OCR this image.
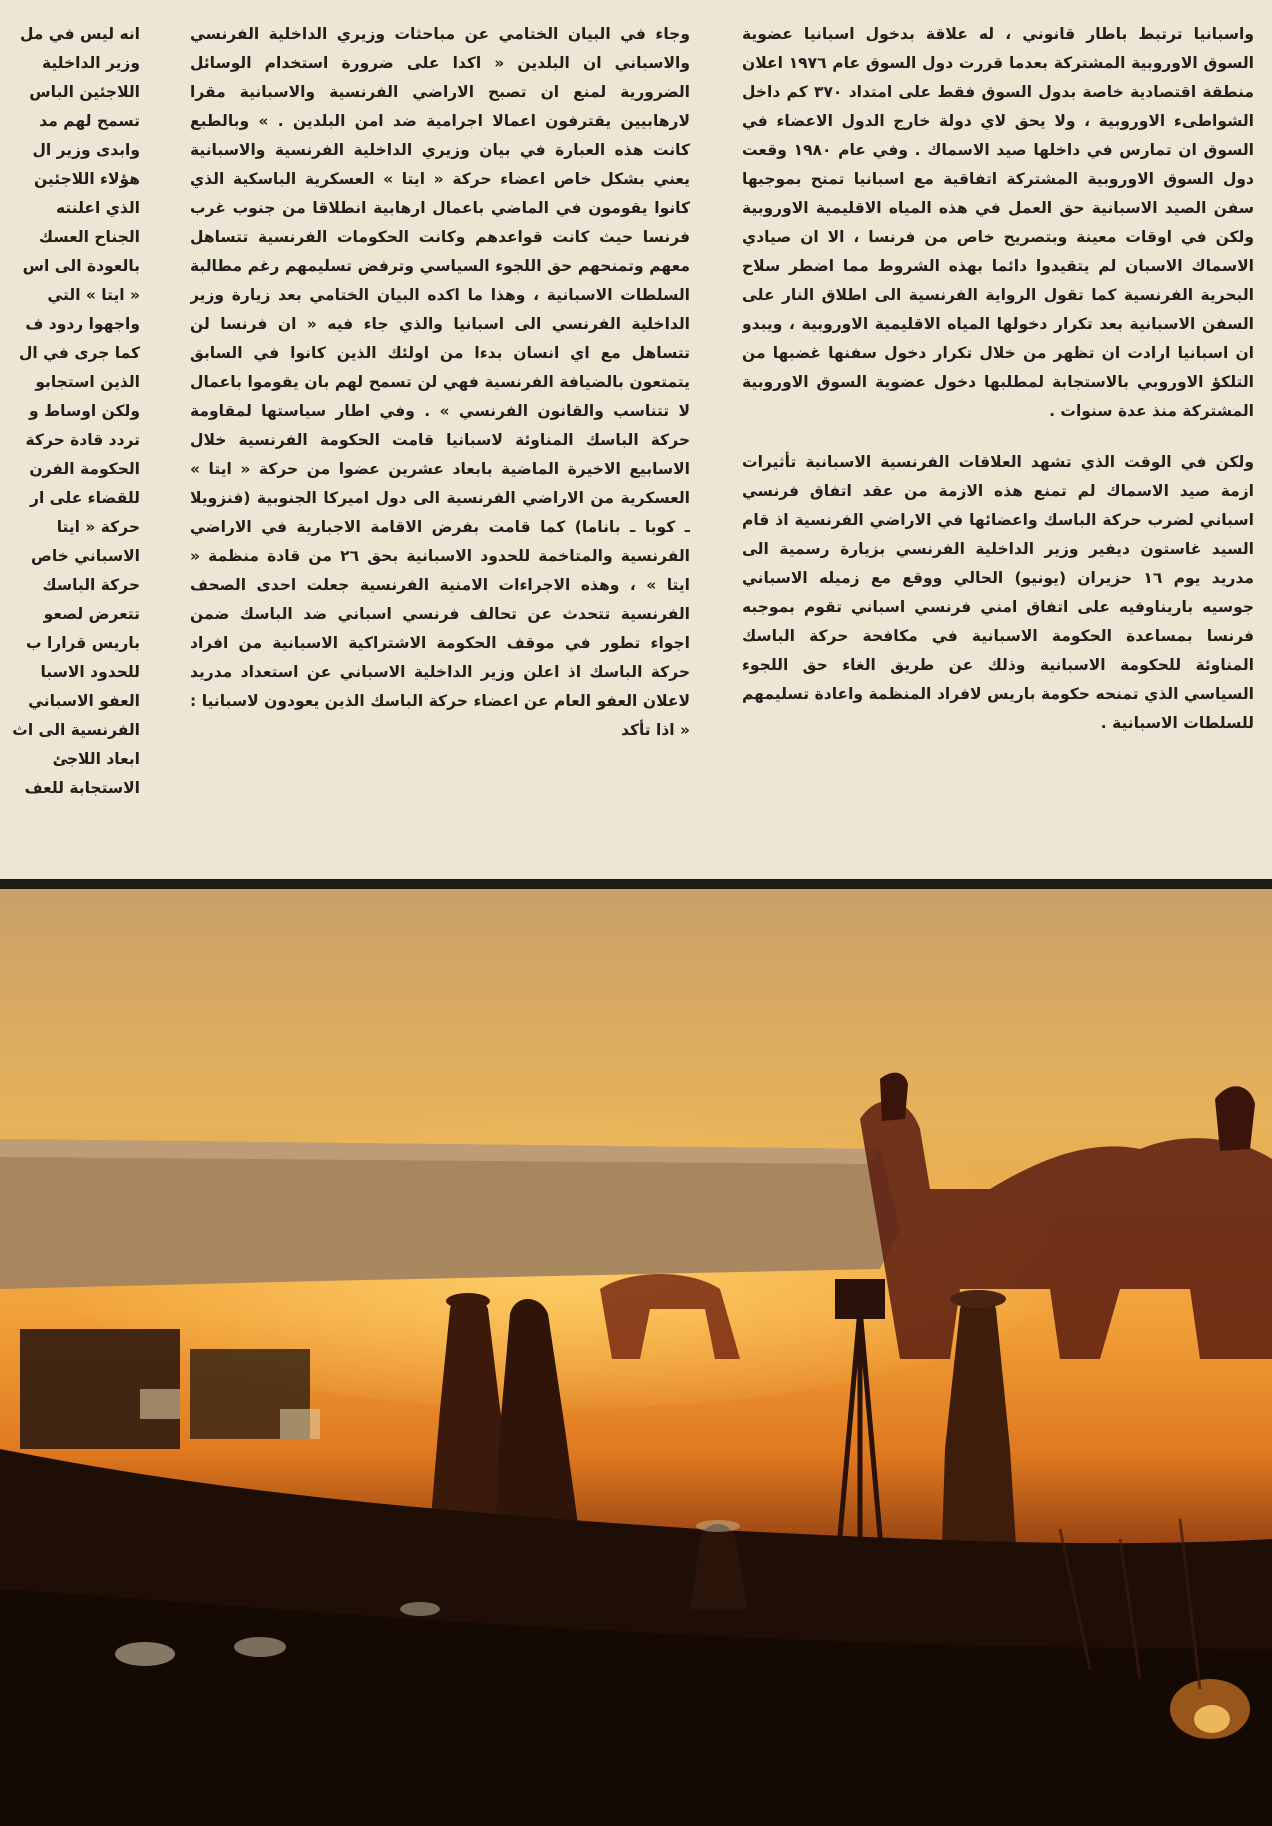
واسبانيا ترتبط باطار قانوني ، له علاقة بدخول اسبانيا عضوية السوق الاوروبية المشتركة بعدما قررت دول السوق عام ١٩٧٦ اعلان منطقة اقتصادية خاصة بدول السوق فقط على امتداد ٣٧٠ كم داخل الشواطىء الاوروبية ، ولا يحق لاي دولة خارج الدول الاعضاء في السوق ان تمارس في داخلها صيد الاسماك . وفي عام ١٩٨٠ وقعت دول السوق الاوروبية المشتركة اتفاقية مع اسبانيا تمنح بموجبها سفن الصيد الاسبانية حق العمل في هذه المياه الاقليمية الاوروبية ولكن في اوقات معينة وبتصريح خاص من فرنسا ، الا ان صيادي الاسماك الاسبان لم يتقيدوا دائما بهذه الشروط مما اضطر سلاح البحرية الفرنسية كما تقول الرواية الفرنسية الى اطلاق النار على السفن الاسبانية بعد تكرار دخولها المياه الاقليمية الاوروبية ، ويبدو ان اسبانيا ارادت ان تظهر من خلال تكرار دخول سفنها غضبها من التلكؤ الاوروبي بالاستجابة لمطلبها دخول عضوية السوق الاوروبية المشتركة منذ عدة سنوات .

ولكن في الوقت الذي تشهد العلاقات الفرنسية الاسبانية تأثيرات ازمة صيد الاسماك لم تمنع هذه الازمة من عقد اتفاق فرنسي اسباني لضرب حركة الباسك واعضائها في الاراضي الفرنسية اذ قام السيد غاستون ديفير وزير الداخلية الفرنسي بزيارة رسمية الى مدريد يوم ١٦ حزيران (يونيو) الحالي ووقع مع زميله الاسباني جوسيه باريناوفيه على اتفاق امني فرنسي اسباني تقوم بموجبه فرنسا بمساعدة الحكومة الاسبانية في مكافحة حركة الباسك المناوئة للحكومة الاسبانية وذلك عن طريق الغاء حق اللجوء السياسي الذي تمنحه حكومة باريس لافراد المنظمة واعادة تسليمهم للسلطات الاسبانية .

وجاء في البيان الختامي عن مباحثات وزيري الداخلية الفرنسي والاسباني ان البلدين « اكدا على ضرورة استخدام الوسائل الضرورية لمنع ان تصبح الاراضي الفرنسية والاسبانية مقرا لارهابيين يقترفون اعمالا اجرامية ضد امن البلدين . » وبالطبع كانت هذه العبارة في بيان وزيري الداخلية الفرنسية والاسبانية يعني بشكل خاص اعضاء حركة « ايتا » العسكرية الباسكية الذي كانوا يقومون في الماضي باعمال ارهابية انطلاقا من جنوب غرب فرنسا حيث كانت قواعدهم وكانت الحكومات الفرنسية تتساهل معهم وتمنحهم حق اللجوء السياسي وترفض تسليمهم رغم مطالبة السلطات الاسبانية ، وهذا ما اكده البيان الختامي بعد زيارة وزير الداخلية الفرنسي الى اسبانيا والذي جاء فيه « ان فرنسا لن تتساهل مع اي انسان بدءا من اولئك الذين كانوا في السابق يتمتعون بالضيافة الفرنسية فهي لن تسمح لهم بان يقوموا باعمال لا تتناسب والقانون الفرنسي » . وفي اطار سياستها لمقاومة حركة الباسك المناوئة لاسبانيا قامت الحكومة الفرنسية خلال الاسابيع الاخيرة الماضية بابعاد عشرين عضوا من حركة « ايتا » العسكرية من الاراضي الفرنسية الى دول اميركا الجنوبية (فنزويلا ـ كوبا ـ باناما) كما قامت بفرض الاقامة الاجبارية في الاراضي الفرنسية والمتاخمة للحدود الاسبانية بحق ٢٦ من قادة منظمة « ايتا » ، وهذه الاجراءات الامنية الفرنسية جعلت احدى الصحف الفرنسية تتحدث عن تحالف فرنسي اسباني ضد الباسك ضمن اجواء تطور في موقف الحكومة الاشتراكية الاسبانية من افراد حركة الباسك اذ اعلن وزير الداخلية الاسباني عن استعداد مدريد لاعلان العفو العام عن اعضاء حركة الباسك الذين يعودون لاسبانيا : « اذا تأكد

انه ليس في مل
وزير الداخلية
اللاجئين الباس
تسمح لهم مد
وابدى وزير ال
هؤلاء اللاجئين
الذي اعلنته
الجناح العسك
بالعودة الى اس
« ايتا » التي
واجهوا ردود ف
كما جرى في ال
الذين استجابو
ولكن اوساط و
تردد قادة حركة
الحكومة الفرن
للقضاء على ار
حركة « ايتا
الاسباني خاص
حركة الباسك
تتعرض لصعو
باريس قرارا ب
للحدود الاسبا
العفو الاسباني
الفرنسية الى اث
ابعاد اللاجئ
الاستجابة للعف
